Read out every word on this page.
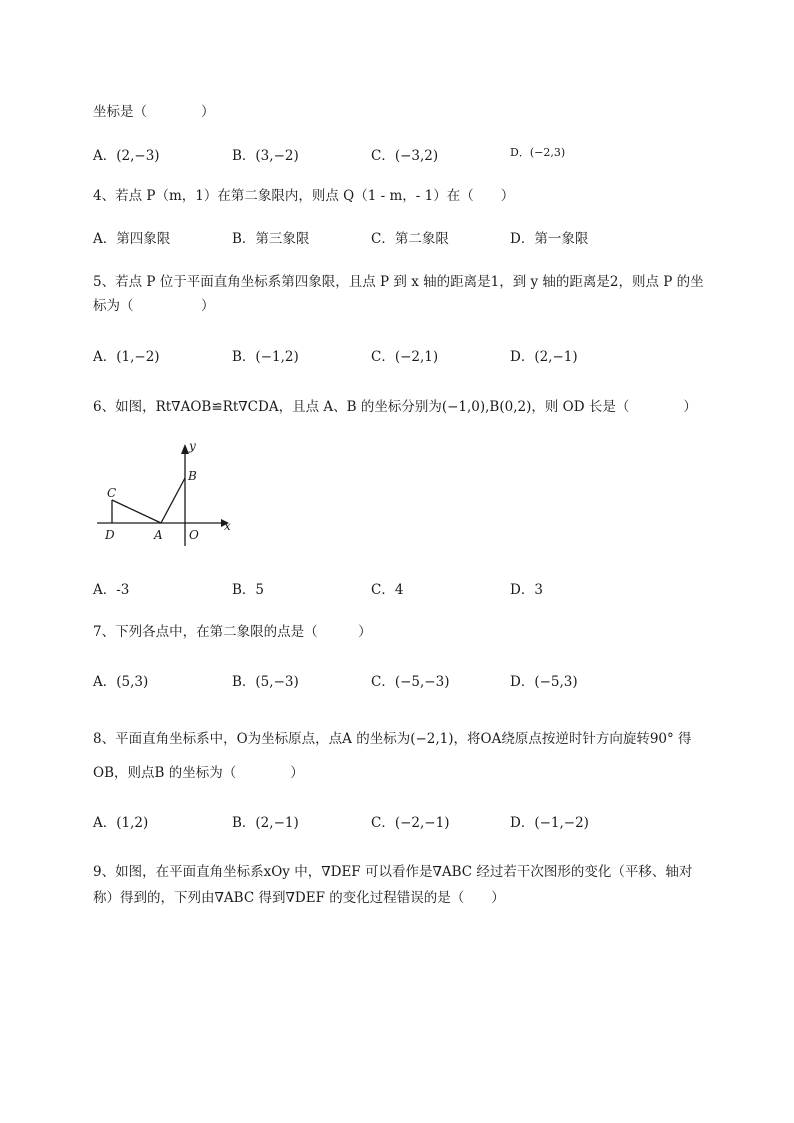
坐标是（　　　　）
A．(2,−3)	B．(3,−2)	C．(−3,2)	D．(−2,3)
4、若点 P（m，1）在第二象限内，则点 Q（1 - m，- 1）在（　　）
A．第四象限	B．第三象限	C．第二象限	D．第一象限
5、若点 P 位于平面直角坐标系第四象限，且点 P 到 x 轴的距离是1，到 y 轴的距离是2，则点 P 的坐
标为（　　　　　）
A．(1,−2)	B．(−1,2)	C．(−2,1)	D．(2,−1)
6、如图，Rt∇AOB≌Rt∇CDA，且点 A、B 的坐标分别为(−1,0),B(0,2)，则 OD 长是（　　　　）
y
x
B
C
D	A O
A．-3	B．5	C．4	D．3
7、下列各点中，在第二象限的点是（　　　）
A．(5,3)	B．(5,−3)	C．(−5,−3)	D．(−5,3)
8、平面直角坐标系中，O为坐标原点，点A 的坐标为(−2,1)，将OA绕原点按逆时针方向旋转90° 得
OB，则点B 的坐标为（　　　　）
A．(1,2)	B．(2,−1)	C．(−2,−1)	D．(−1,−2)
9、如图，在平面直角坐标系xOy 中，∇DEF 可以看作是∇ABC 经过若干次图形的变化（平移、轴对
称）得到的，下列由∇ABC 得到∇DEF 的变化过程错误的是（　　）
